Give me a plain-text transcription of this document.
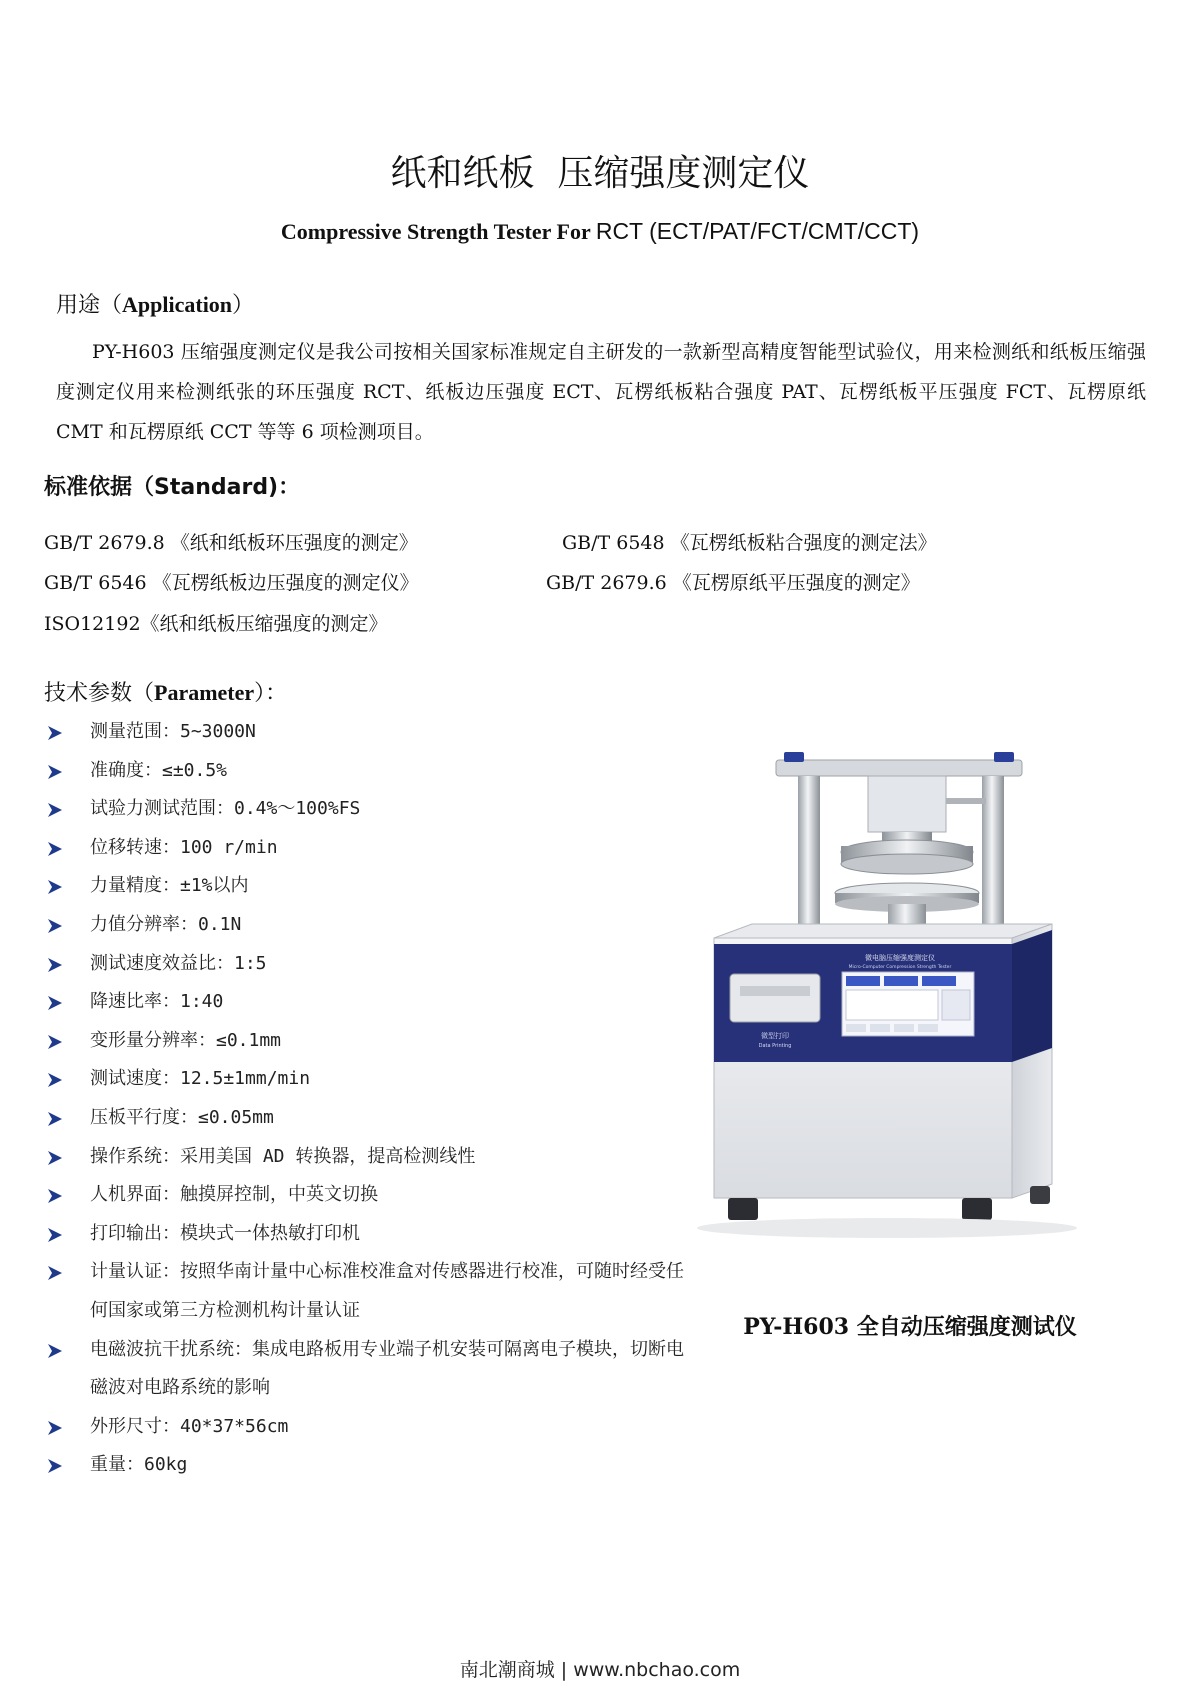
纸和纸板  压缩强度测定仪
Compressive Strength Tester For RCT (ECT/PAT/FCT/CMT/CCT)
用途（Application）
PY-H603 压缩强度测定仪是我公司按相关国家标准规定自主研发的一款新型高精度智能型试验仪，用来检测纸和纸板压缩强度测定仪用来检测纸张的环压强度 RCT、纸板边压强度 ECT、瓦楞纸板粘合强度 PAT、瓦楞纸板平压强度 FCT、瓦楞原纸 CMT 和瓦楞原纸 CCT 等等 6 项检测项目。
标准依据（Standard)：
GB/T 2679.8 《纸和纸板环压强度的测定》	GB/T 6548 《瓦楞纸板粘合强度的测定法》
GB/T 6546 《瓦楞纸板边压强度的测定仪》	GB/T 2679.6 《瓦楞原纸平压强度的测定》
ISO12192《纸和纸板压缩强度的测定》
技术参数（Parameter）：
测量范围：5~3000N
准确度：≤±0.5%
试验力测试范围：0.4%～100%FS
位移转速：100 r/min
力量精度：±1%以内
力值分辨率：0.1N
测试速度效益比：1:5
降速比率：1:40
变形量分辨率：≤0.1mm
测试速度：12.5±1mm/min
压板平行度：≤0.05mm
操作系统：采用美国 AD 转换器，提高检测线性
人机界面：触摸屏控制，中英文切换
打印输出：模块式一体热敏打印机
计量认证：按照华南计量中心标准校准盒对传感器进行校准，可随时经受任何国家或第三方检测机构计量认证
电磁波抗干扰系统：集成电路板用专业端子机安装可隔离电子模块，切断电磁波对电路系统的影响
外形尺寸：40*37*56cm
重量：60kg
微型打印
Data Printing
微电脑压缩强度测定仪
Micro-Computer Compression Strength Tester
PY-H603 全自动压缩强度测试仪
南北潮商城 | www.nbchao.com
